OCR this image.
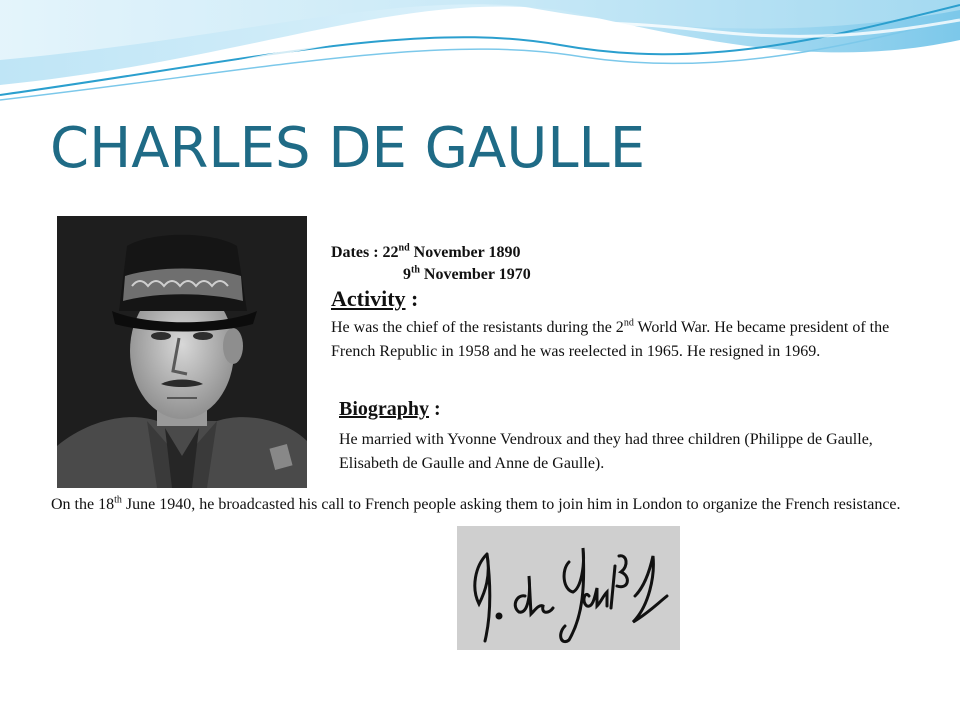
CHARLES DE GAULLE
Dates : 22nd November 1890
9th November 1970
Activity :
He was the chief of the resistants during the 2nd World War. He became president of the French Republic in 1958 and he was reelected in 1965. He resigned in 1969.
Biography :
He married with Yvonne Vendroux and they had three children (Philippe de Gaulle, Elisabeth de Gaulle and Anne de Gaulle).
On the 18th June 1940, he broadcasted his call to French people asking them to join him in London to organize the French resistance.
